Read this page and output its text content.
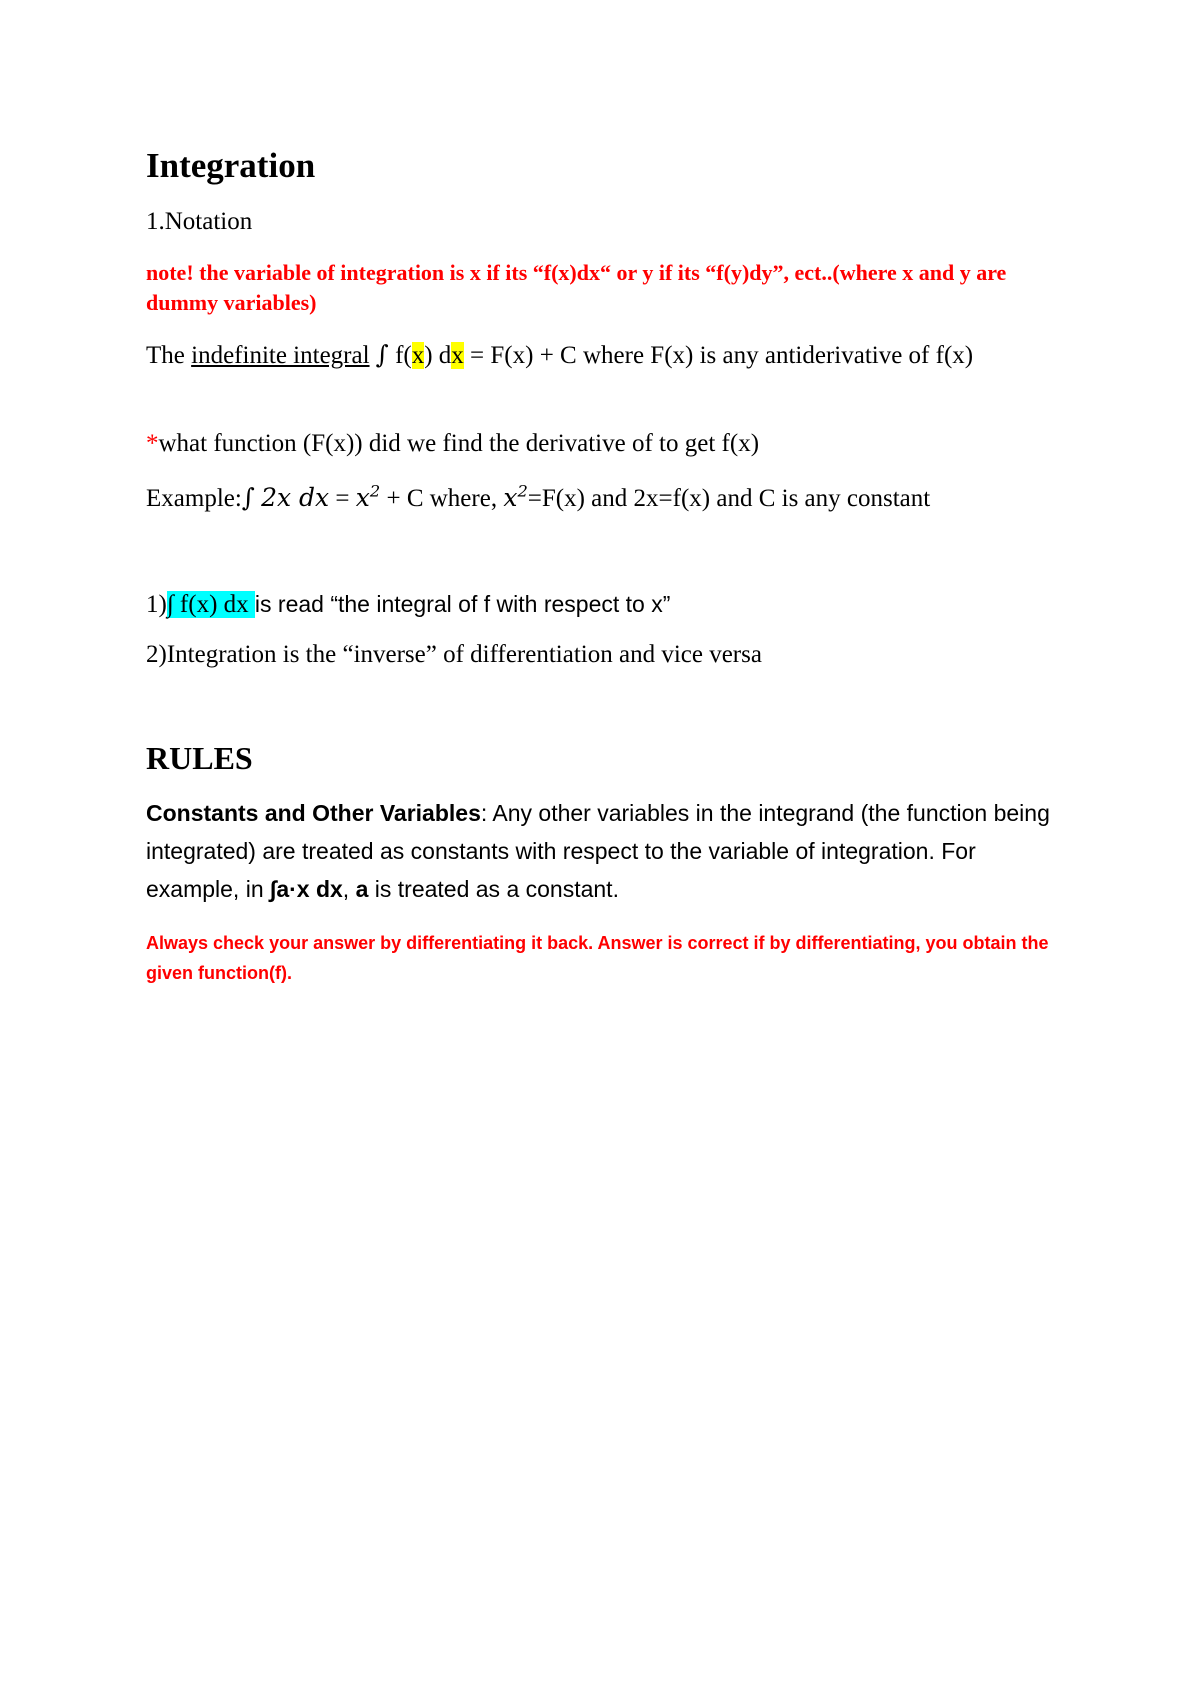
Integration

1.Notation

note! the variable of integration is x if its “f(x)dx“ or y if its “f(y)dy”, ect..(where x and y are dummy variables)

The indefinite integral ∫ f(x) dx = F(x) + C where F(x) is any antiderivative of f(x)

*what function (F(x)) did we find the derivative of to get f(x)

Example:∫ 2x dx = $x^2 + C$ where, $x^2=F(x)$ and 2x=f(x) and C is any constant

1)∫ f(x) dx is read “the integral of f with respect to x”

2)Integration is the “inverse” of differentiation and vice versa

RULES

Constants and Other Variables: Any other variables in the integrand (the function being integrated) are treated as constants with respect to the variable of integration. For example, in ∫a·x dx, a is treated as a constant.

Always check your answer by differentiating it back. Answer is correct if by differentiating, you obtain the given function(f).
